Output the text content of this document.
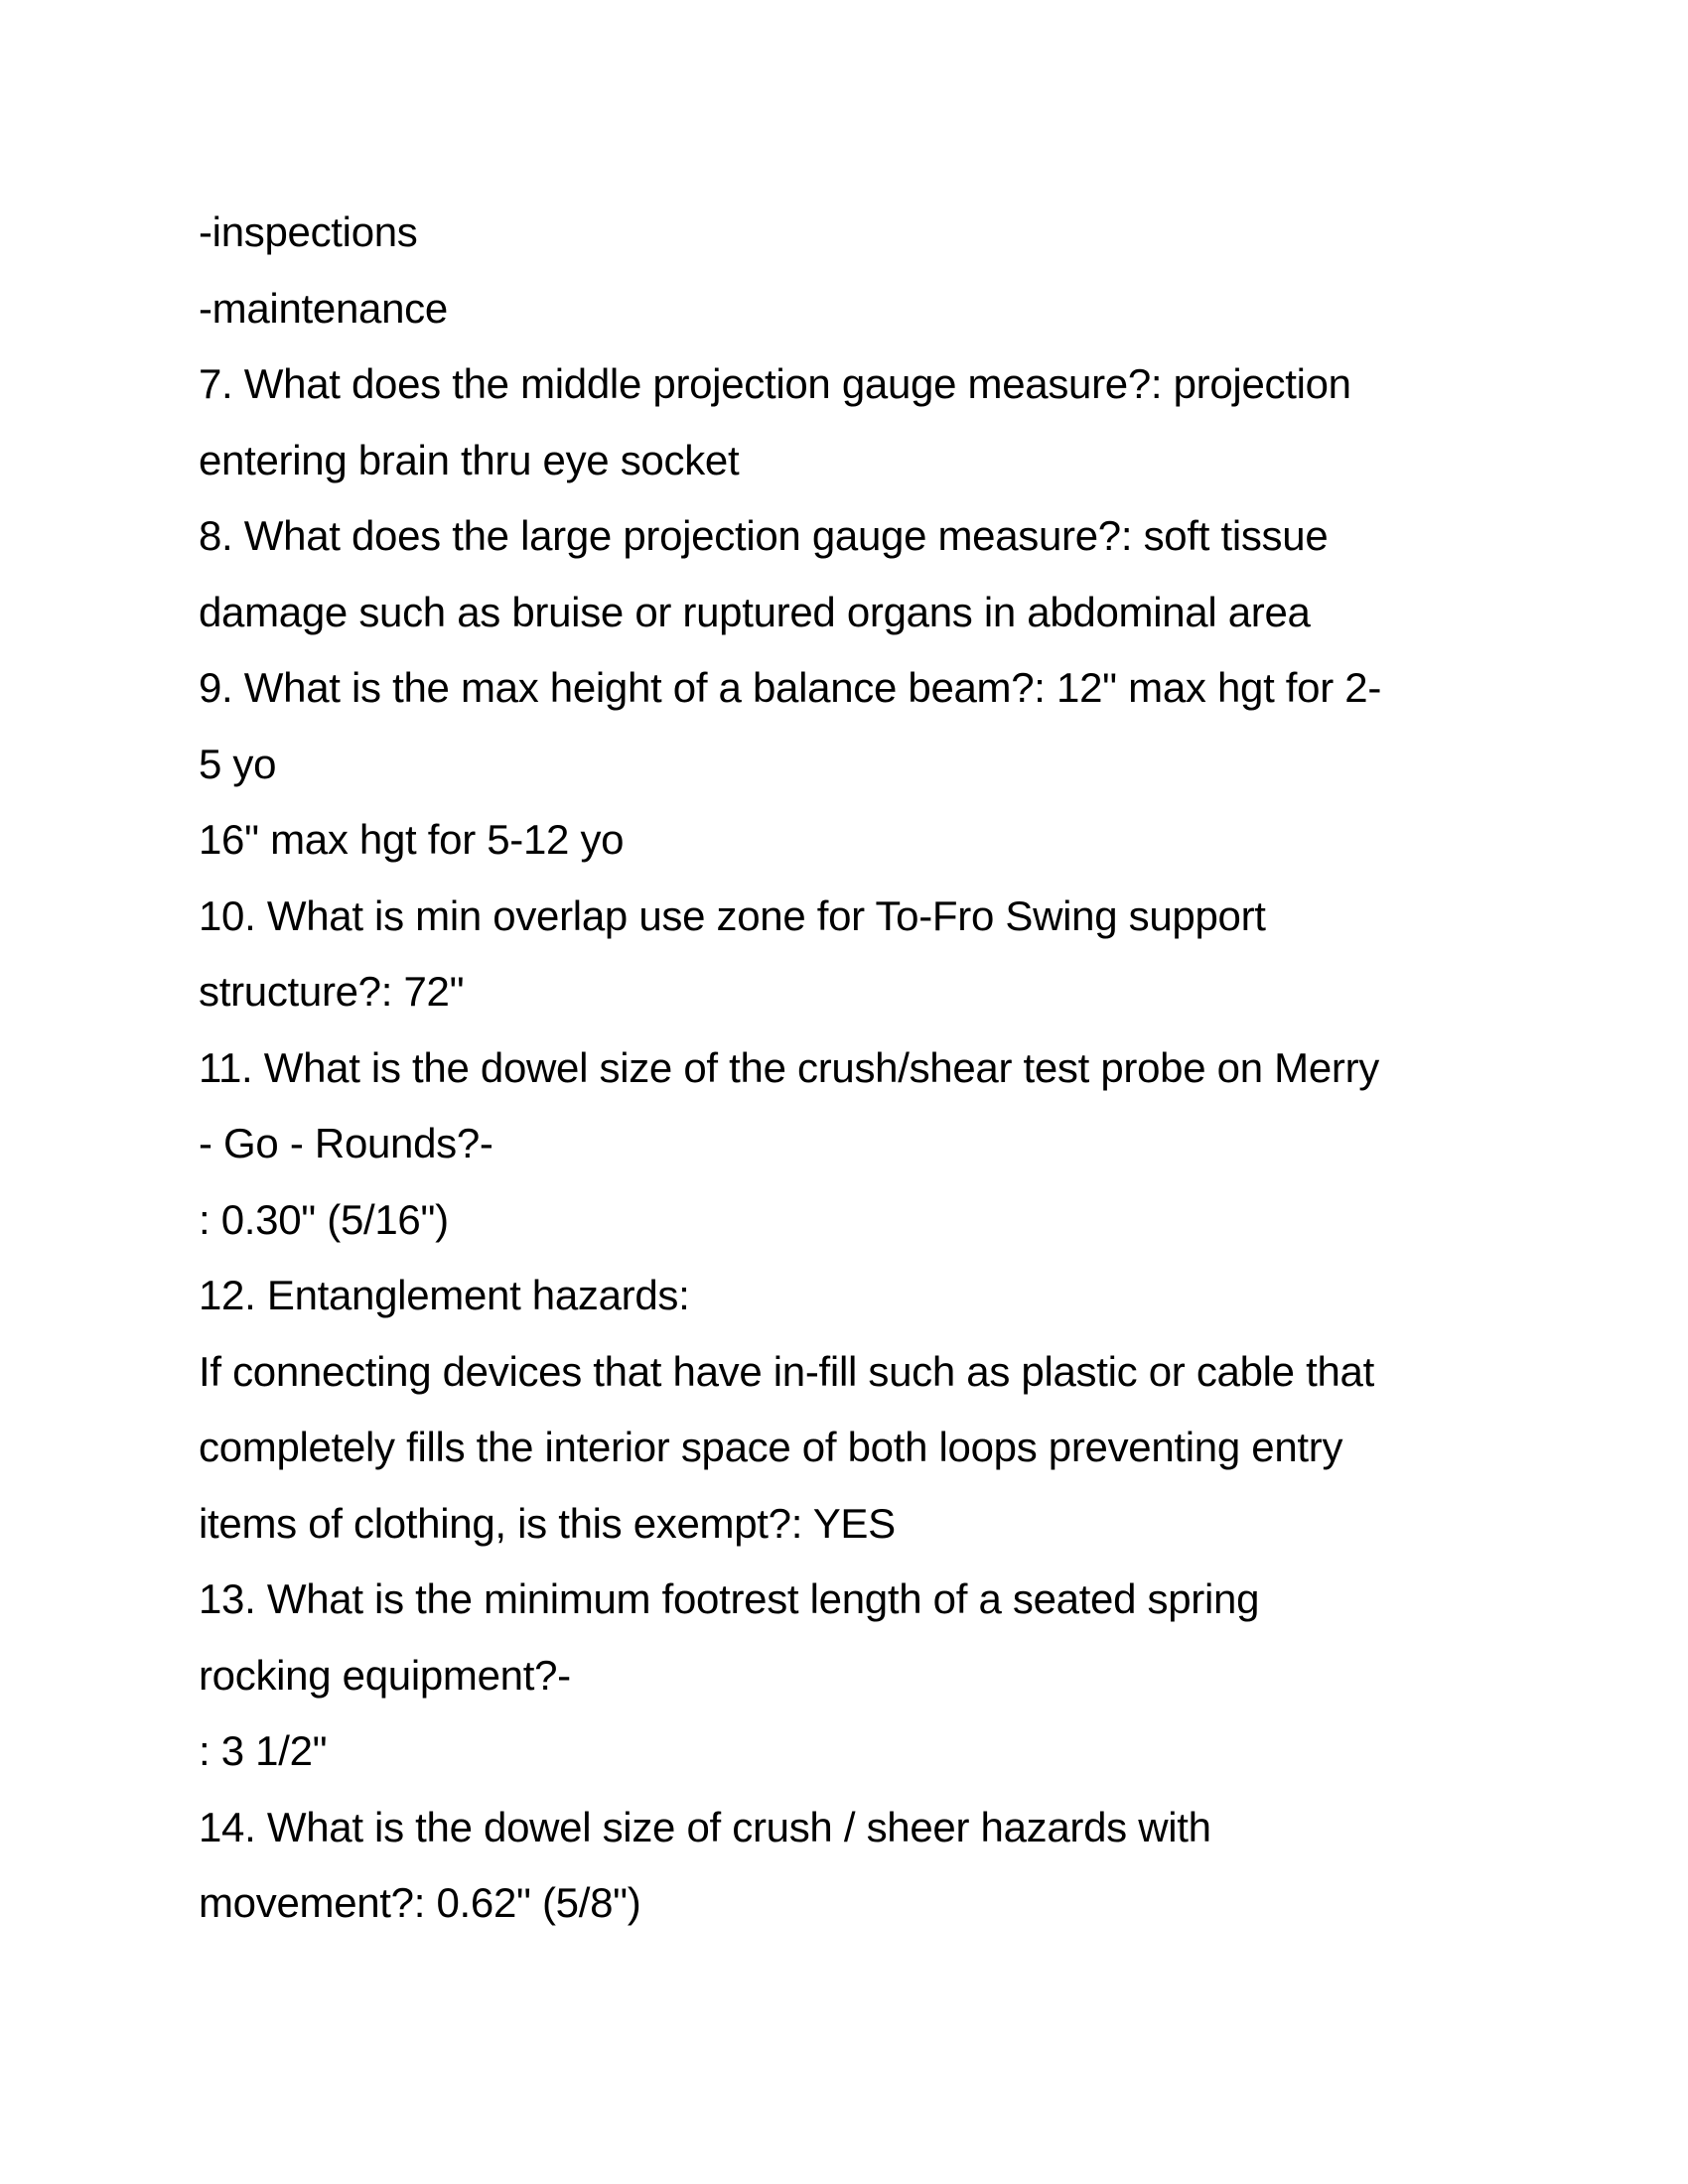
-inspections
-maintenance
7. What does the middle projection gauge measure?: projection
entering brain thru eye socket
8. What does the large projection gauge measure?: soft tissue
damage such as bruise or ruptured organs in abdominal area
9. What is the max height of a balance beam?: 12" max hgt for 2-
5 yo
16" max hgt for 5-12 yo
10. What is min overlap use zone for To-Fro Swing support
structure?: 72"
11. What is the dowel size of the crush/shear test probe on Merry
- Go - Rounds?-
: 0.30" (5/16")
12. Entanglement hazards:
If connecting devices that have in-fill such as plastic or cable that
completely fills the interior space of both loops preventing entry
items of clothing, is this exempt?: YES
13. What is the minimum footrest length of a seated spring
rocking equipment?-
: 3 1/2"
14. What is the dowel size of crush / sheer hazards with
movement?: 0.62" (5/8")
